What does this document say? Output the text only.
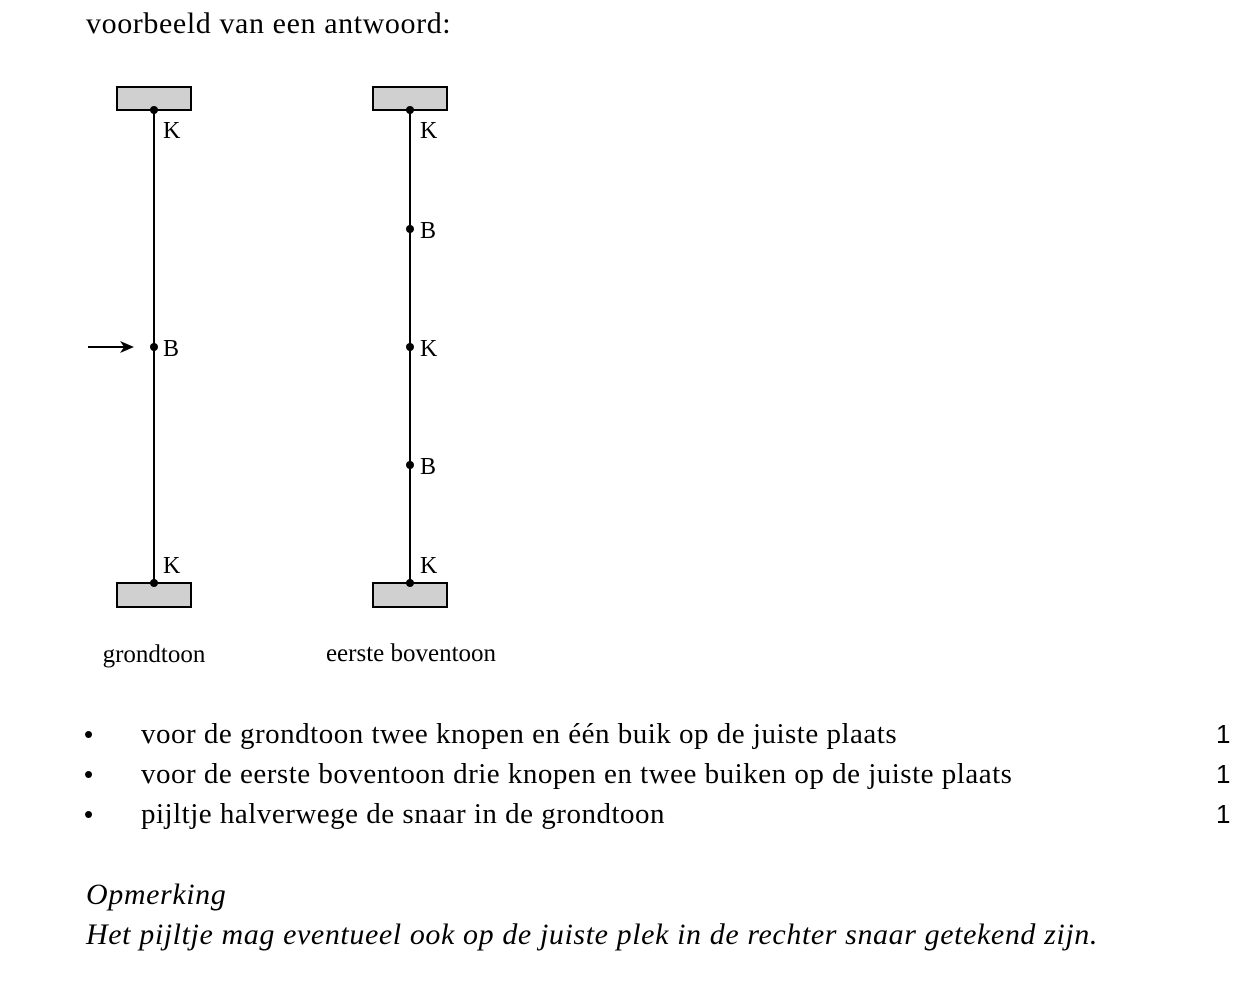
voorbeeld van een antwoord:

K
B
K
grondtoon
K
B
K
B
K
eerste boventoon
• voor de grondtoon twee knopen en één buik op de juiste plaats	1
• voor de eerste boventoon drie knopen en twee buiken op de juiste plaats	1
• pijltje halverwege de snaar in de grondtoon	1

Opmerking

Het pijltje mag eventueel ook op de juiste plek in de rechter snaar getekend zijn.
